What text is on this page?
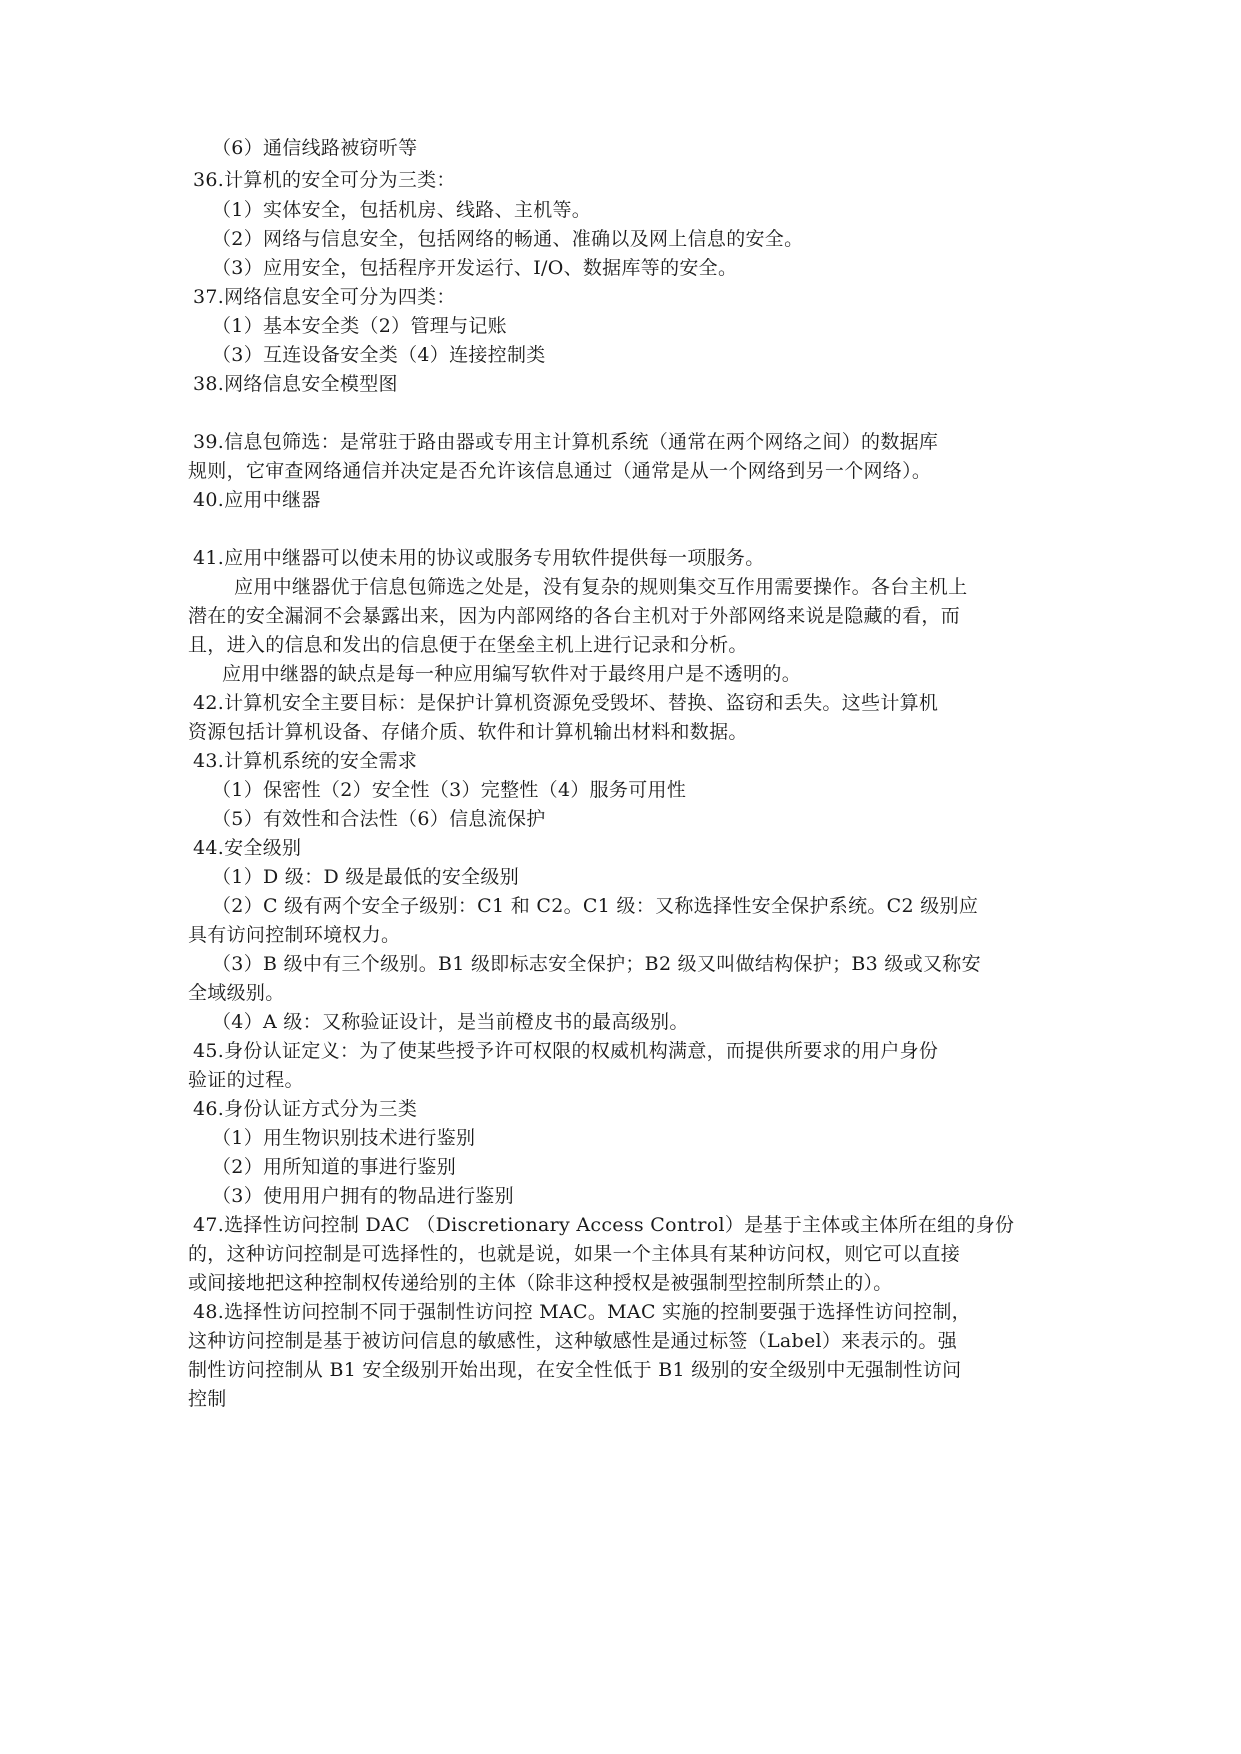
（6）通信线路被窃听等
36.计算机的安全可分为三类：
（1）实体安全，包括机房、线路、主机等。
（2）网络与信息安全，包括网络的畅通、准确以及网上信息的安全。
（3）应用安全，包括程序开发运行、I/O、数据库等的安全。
37.网络信息安全可分为四类：
（1）基本安全类（2）管理与记账
（3）互连设备安全类（4）连接控制类
38.网络信息安全模型图
39.信息包筛选：是常驻于路由器或专用主计算机系统（通常在两个网络之间）的数据库
规则，它审查网络通信并决定是否允许该信息通过（通常是从一个网络到另一个网络）。
40.应用中继器
41.应用中继器可以使未用的协议或服务专用软件提供每一项服务。
应用中继器优于信息包筛选之处是，没有复杂的规则集交互作用需要操作。各台主机上
潜在的安全漏洞不会暴露出来，因为内部网络的各台主机对于外部网络来说是隐藏的看，而
且，进入的信息和发出的信息便于在堡垒主机上进行记录和分析。
应用中继器的缺点是每一种应用编写软件对于最终用户是不透明的。
42.计算机安全主要目标：是保护计算机资源免受毁坏、替换、盗窃和丢失。这些计算机
资源包括计算机设备、存储介质、软件和计算机输出材料和数据。
43.计算机系统的安全需求
（1）保密性（2）安全性（3）完整性（4）服务可用性
（5）有效性和合法性（6）信息流保护
44.安全级别
（1）D 级：D 级是最低的安全级别
（2）C 级有两个安全子级别：C1 和 C2。C1 级：又称选择性安全保护系统。C2 级别应
具有访问控制环境权力。
（3）B 级中有三个级别。B1 级即标志安全保护；B2 级又叫做结构保护；B3 级或又称安
全域级别。
（4）A 级：又称验证设计，是当前橙皮书的最高级别。
45.身份认证定义：为了使某些授予许可权限的权威机构满意，而提供所要求的用户身份
验证的过程。
46.身份认证方式分为三类
（1）用生物识别技术进行鉴别
（2）用所知道的事进行鉴别
（3）使用用户拥有的物品进行鉴别
47.选择性访问控制 DAC （Discretionary Access Control）是基于主体或主体所在组的身份
的，这种访问控制是可选择性的，也就是说，如果一个主体具有某种访问权，则它可以直接
或间接地把这种控制权传递给别的主体（除非这种授权是被强制型控制所禁止的）。
48.选择性访问控制不同于强制性访问控 MAC。MAC 实施的控制要强于选择性访问控制，
这种访问控制是基于被访问信息的敏感性，这种敏感性是通过标签（Label）来表示的。强
制性访问控制从 B1 安全级别开始出现，在安全性低于 B1 级别的安全级别中无强制性访问
控制
